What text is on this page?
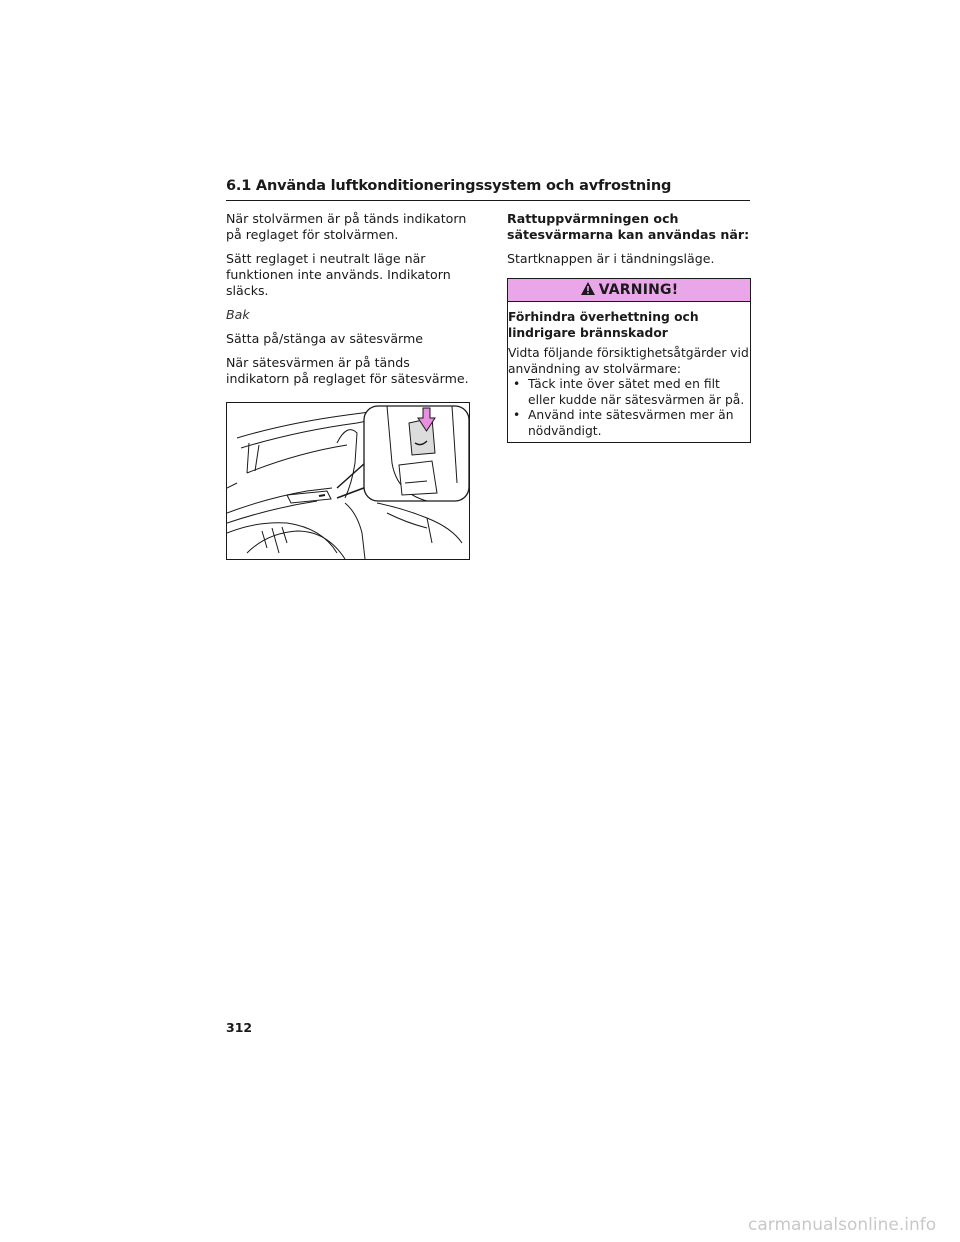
6.1 Använda luftkonditioneringssystem och avfrostning

När stolvärmen är på tänds indikatorn på reglaget för stolvärmen.

Sätt reglaget i neutralt läge när funktionen inte används. Indikatorn släcks.

Bak

Sätta på/stänga av sätesvärme

När sätesvärmen är på tänds indikatorn på reglaget för sätesvärme.

Rattuppvärmningen och sätesvärmarna kan användas när:

Startknappen är i tändningsläge.

VARNING!

Förhindra överhettning och lindrigare brännskador

Vidta följande försiktighetsåtgärder vid användning av stolvärmare:

• Täck inte över sätet med en filt eller kudde när sätesvärmen är på.
• Använd inte sätesvärmen mer än nödvändigt.
312
carmanualsonline.info
